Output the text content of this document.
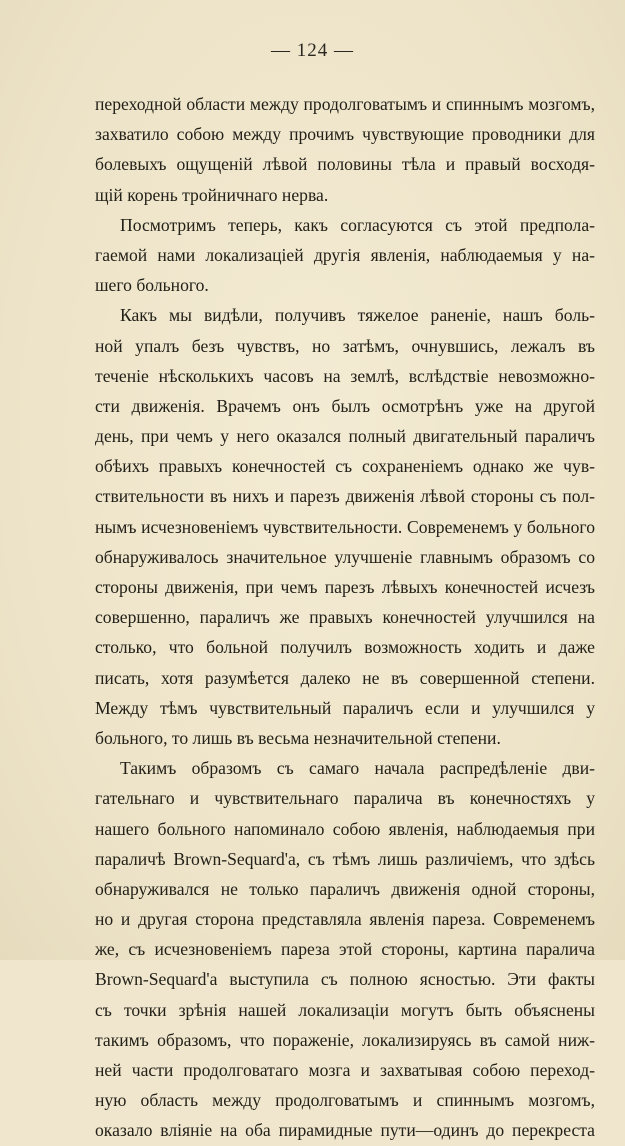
— 124 —
переходной области между продолговатымъ и спиннымъ мозгомъ,
захватило собою между прочимъ чувствующие проводники для
болевыхъ ощущеній лѣвой половины тѣла и правый восходя-
щій корень тройничнаго нерва.
Посмотримъ теперь, какъ согласуются съ этой предпола-
гаемой нами локализаціей другія явленія, наблюдаемыя у на-
шего больного.
Какъ мы видѣли, получивъ тяжелое раненіе, нашъ боль-
ной упалъ безъ чувствъ, но затѣмъ, очнувшись, лежалъ въ
теченіе нѣсколькихъ часовъ на землѣ, вслѣдствіе невозможно-
сти движенія. Врачемъ онъ былъ осмотрѣнъ уже на другой
день, при чемъ у него оказался полный двигательный параличъ
обѣихъ правыхъ конечностей съ сохраненіемъ однако же чув-
ствительности въ нихъ и парезъ движенія лѣвой стороны съ пол-
нымъ исчезновеніемъ чувствительности. Современемъ у больного
обнаруживалось значительное улучшеніе главнымъ образомъ со
стороны движенія, при чемъ парезъ лѣвыхъ конечностей исчезъ
совершенно, параличъ же правыхъ конечностей улучшился на
столько, что больной получилъ возможность ходить и даже
писать, хотя разумѣется далеко не въ совершенной степени.
Между тѣмъ чувствительный параличъ если и улучшился у
больного, то лишь въ весьма незначительной степени.
Такимъ образомъ съ самаго начала распредѣленіе дви-
гательнаго и чувствительнаго паралича въ конечностяхъ у
нашего больного напоминало собою явленія, наблюдаемыя при
параличѣ Brown-Sequard'a, съ тѣмъ лишь различіемъ, что здѣсь
обнаруживался не только параличъ движенія одной стороны,
но и другая сторона представляла явленія пареза. Современемъ
же, съ исчезновеніемъ пареза этой стороны, картина паралича
Brown-Sequard'a выступила съ полною ясностью. Эти факты
съ точки зрѣнія нашей локализаціи могутъ быть объяснены
такимъ образомъ, что пораженіе, локализируясь въ самой ниж-
ней части продолговатаго мозга и захватывая собою переход-
ную область между продолговатымъ и спиннымъ мозгомъ,
оказало вліяніе на оба пирамидные пути—одинъ до перекреста
